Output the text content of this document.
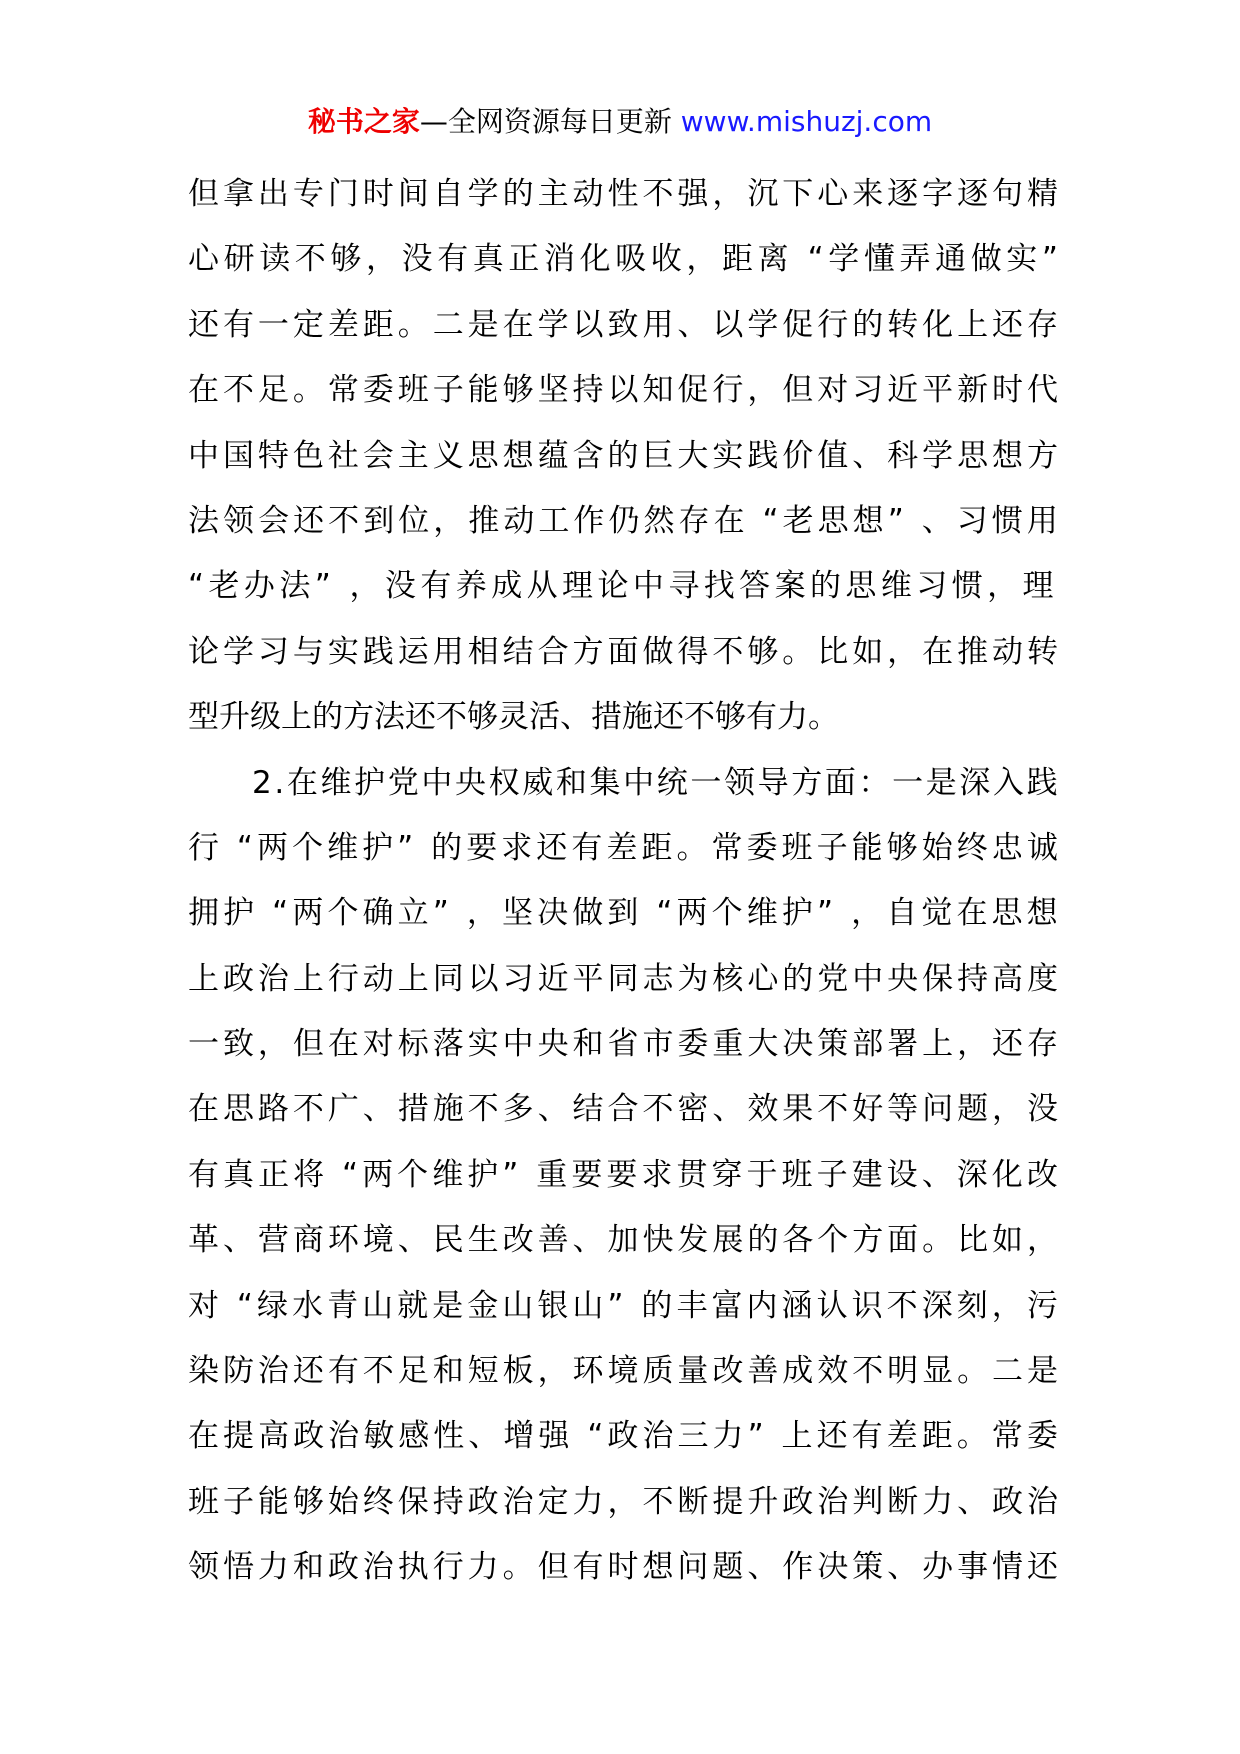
秘书之家—全网资源每日更新 www.mishuzj.com
但拿出专门时间自学的主动性不强，沉下心来逐字逐句精
心研读不够，没有真正消化吸收，距离 “学懂弄通做实”
还有一定差距。二是在学以致用、以学促行的转化上还存
在不足。常委班子能够坚持以知促行，但对习近平新时代
中国特色社会主义思想蕴含的巨大实践价值、科学思想方
法领会还不到位，推动工作仍然存在 “老思想” 、习惯用
“老办法” ，没有养成从理论中寻找答案的思维习惯，理
论学习与实践运用相结合方面做得不够。比如，在推动转
型升级上的方法还不够灵活、措施还不够有力。
2.在维护党中央权威和集中统一领导方面：一是深入践
行 “两个维护” 的要求还有差距。常委班子能够始终忠诚
拥护 “两个确立” ，坚决做到 “两个维护” ，自觉在思想
上政治上行动上同以习近平同志为核心的党中央保持高度
一致，但在对标落实中央和省市委重大决策部署上，还存
在思路不广、措施不多、结合不密、效果不好等问题，没
有真正将 “两个维护” 重要要求贯穿于班子建设、深化改
革、营商环境、民生改善、加快发展的各个方面。比如，
对 “绿水青山就是金山银山” 的丰富内涵认识不深刻，污
染防治还有不足和短板，环境质量改善成效不明显。二是
在提高政治敏感性、增强 “政治三力” 上还有差距。常委
班子能够始终保持政治定力，不断提升政治判断力、政治
领悟力和政治执行力。但有时想问题、作决策、办事情还
